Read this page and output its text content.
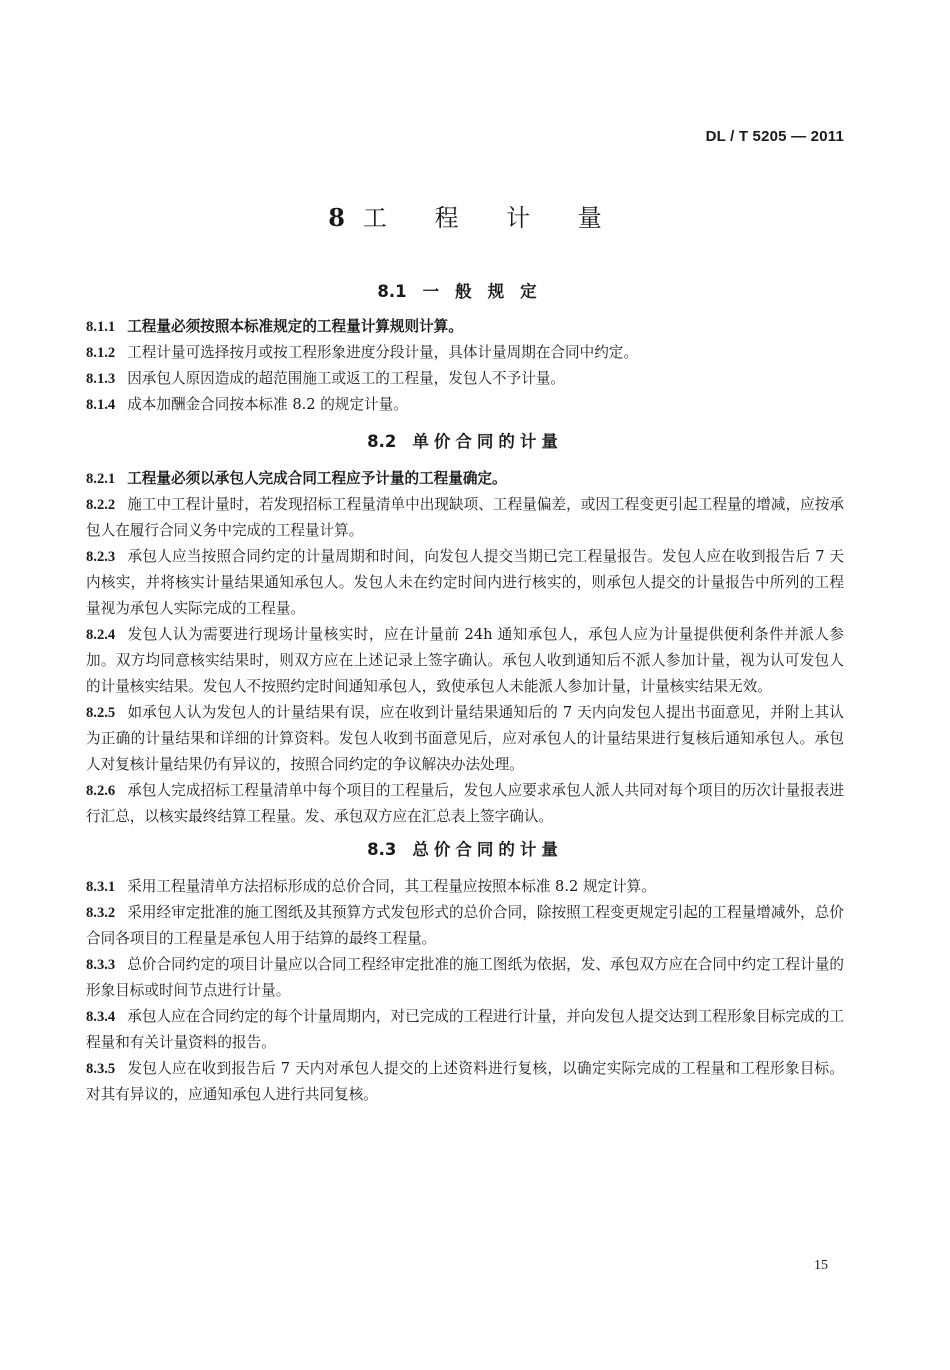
DL / T 5205 — 2011
8 工 程 计 量
8.1 一般规定

8.1.1 工程量必须按照本标准规定的工程量计算规则计算。

8.1.2 工程计量可选择按月或按工程形象进度分段计量，具体计量周期在合同中约定。

8.1.3 因承包人原因造成的超范围施工或返工的工程量，发包人不予计量。

8.1.4 成本加酬金合同按本标准 8.2 的规定计量。

8.2 单价合同的计量

8.2.1 工程量必须以承包人完成合同工程应予计量的工程量确定。

8.2.2 施工中工程计量时，若发现招标工程量清单中出现缺项、工程量偏差，或因工程变更引起工程量的增减，应按承包人在履行合同义务中完成的工程量计算。

8.2.3 承包人应当按照合同约定的计量周期和时间，向发包人提交当期已完工程量报告。发包人应在收到报告后 7 天内核实，并将核实计量结果通知承包人。发包人未在约定时间内进行核实的，则承包人提交的计量报告中所列的工程量视为承包人实际完成的工程量。

8.2.4 发包人认为需要进行现场计量核实时，应在计量前 24h 通知承包人，承包人应为计量提供便利条件并派人参加。双方均同意核实结果时，则双方应在上述记录上签字确认。承包人收到通知后不派人参加计量，视为认可发包人的计量核实结果。发包人不按照约定时间通知承包人，致使承包人未能派人参加计量，计量核实结果无效。

8.2.5 如承包人认为发包人的计量结果有误，应在收到计量结果通知后的 7 天内向发包人提出书面意见，并附上其认为正确的计量结果和详细的计算资料。发包人收到书面意见后，应对承包人的计量结果进行复核后通知承包人。承包人对复核计量结果仍有异议的，按照合同约定的争议解决办法处理。

8.2.6 承包人完成招标工程量清单中每个项目的工程量后，发包人应要求承包人派人共同对每个项目的历次计量报表进行汇总，以核实最终结算工程量。发、承包双方应在汇总表上签字确认。

8.3 总价合同的计量

8.3.1 采用工程量清单方法招标形成的总价合同，其工程量应按照本标准 8.2 规定计算。

8.3.2 采用经审定批准的施工图纸及其预算方式发包形式的总价合同，除按照工程变更规定引起的工程量增减外，总价合同各项目的工程量是承包人用于结算的最终工程量。

8.3.3 总价合同约定的项目计量应以合同工程经审定批准的施工图纸为依据，发、承包双方应在合同中约定工程计量的形象目标或时间节点进行计量。

8.3.4 承包人应在合同约定的每个计量周期内，对已完成的工程进行计量，并向发包人提交达到工程形象目标完成的工程量和有关计量资料的报告。

8.3.5 发包人应在收到报告后 7 天内对承包人提交的上述资料进行复核，以确定实际完成的工程量和工程形象目标。对其有异议的，应通知承包人进行共同复核。

15
